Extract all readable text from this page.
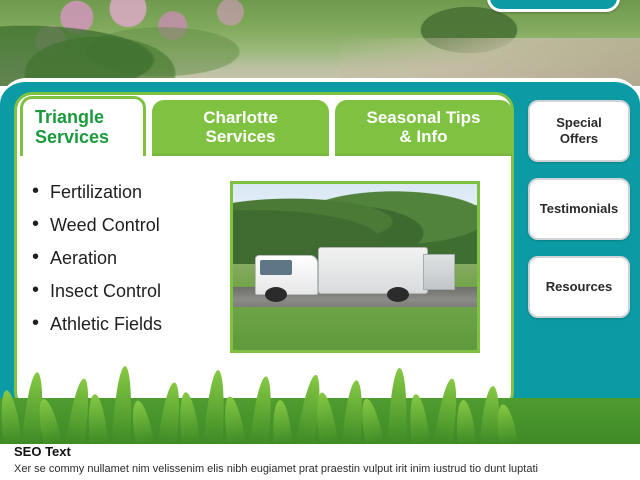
Triangle
Services
Charlotte
Services
Seasonal Tips
& Info
• Fertilization
• Weed Control
• Aeration
• Insect Control
• Athletic Fields
Special
Offers
Testimonials
Resources

SEO Text

Xer se commy nullamet nim velissenim elis nibh eugiamet prat praestin vulput irit inim iustrud tio dunt luptati
